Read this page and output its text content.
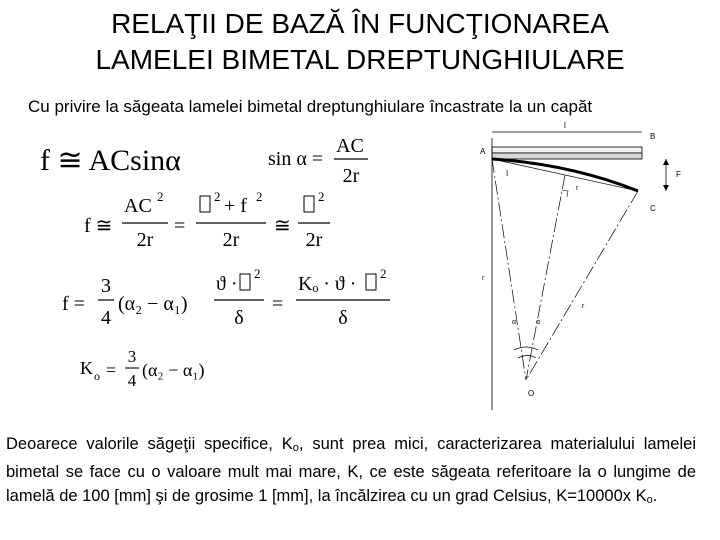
RELAŢII DE BAZĂ ÎN FUNCŢIONAREA
LAMELEI BIMETAL DREPTUNGHIULARE
Cu privire la săgeata lamelei bimetal dreptunghiulare încastrate la un capăt
f ≅ ACsinα	sin α =
AC
2r
f ≅
AC 2
2r
=
2 + f 2
2r
≅
2
2r
f =
3
4
(α₂ − α₁)
ϑ · 2
δ
=
Kₒ · ϑ · 2
δ
K o =
3
4
(α₂ − α₁)
l
A
B
I	F
C
r
r
r
α	α
O
Deoarece valorile săgeţii specifice, $K_o$, sunt prea mici, caracterizarea materialului lamelei bimetal se face cu o valoare mult mai mare, K, ce este săgeata referitoare la o lungime de lamelă de 100 [mm] şi de grosime 1 [mm], la încălzirea cu un grad Celsius, K=10000x $K_o$.
